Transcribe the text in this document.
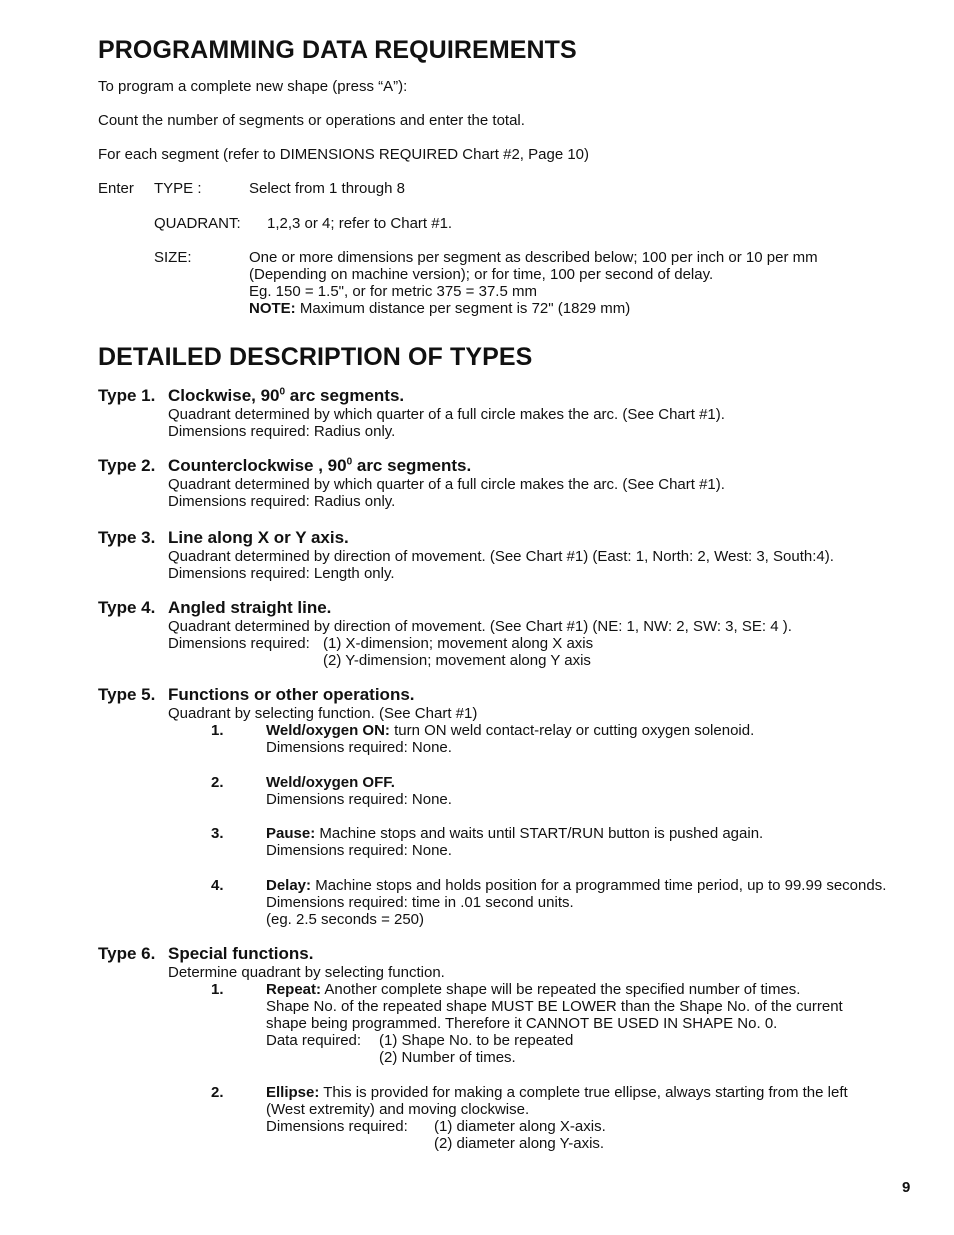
PROGRAMMING DATA REQUIREMENTS

To program a complete new shape (press “A”):

Count the number of segments or operations and enter the total.

For each segment (refer to DIMENSIONS REQUIRED Chart #2, Page 10)

Enter TYPE :	Select from 1 through 8
QUADRANT: 1,2,3 or 4; refer to Chart #1.
SIZE:	One or more dimensions per segment as described below; 100 per inch or 10 per mm

(Depending on machine version); or for time, 100 per second of delay.

Eg. 150 = 1.5", or for metric 375 = 37.5 mm

NOTE: Maximum distance per segment is 72" (1829 mm)

DETAILED DESCRIPTION OF TYPES
Type 1. Clockwise, $90^0$ arc segments.

Quadrant determined by which quarter of a full circle makes the arc. (See Chart #1).

Dimensions required: Radius only.

Type 2. Counterclockwise , $90^0$ arc segments.

Quadrant determined by which quarter of a full circle makes the arc. (See Chart #1).

Dimensions required: Radius only.

Type 3. Line along X or Y axis.

Quadrant determined by direction of movement. (See Chart #1) (East: 1, North: 2, West: 3, South:4).

Dimensions required: Length only.

Type 4. Angled straight line.

Quadrant determined by direction of movement. (See Chart #1) (NE: 1, NW: 2, SW: 3, SE: 4 ).

Dimensions required: (1) X-dimension; movement along X axis

(2) Y-dimension; movement along Y axis

Type 5. Functions or other operations.

Quadrant by selecting function. (See Chart #1)

1.	Weld/oxygen ON: turn ON weld contact-relay or cutting oxygen solenoid.

Dimensions required: None.

2.	Weld/oxygen OFF.

Dimensions required: None.

3.	Pause: Machine stops and waits until START/RUN button is pushed again.

Dimensions required: None.

4.	Delay: Machine stops and holds position for a programmed time period, up to 99.99 seconds.

Dimensions required: time in .01 second units.

(eg. 2.5 seconds = 250)

Type 6. Special functions.

Determine quadrant by selecting function.

1.	Repeat: Another complete shape will be repeated the specified number of times.

Shape No. of the repeated shape MUST BE LOWER than the Shape No. of the current

shape being programmed. Therefore it CANNOT BE USED IN SHAPE No. 0.

Data required: (1) Shape No. to be repeated

(2) Number of times.

2.	Ellipse: This is provided for making a complete true ellipse, always starting from the left

(West extremity) and moving clockwise.

Dimensions required: (1) diameter along X-axis.

(2) diameter along Y-axis.

9
